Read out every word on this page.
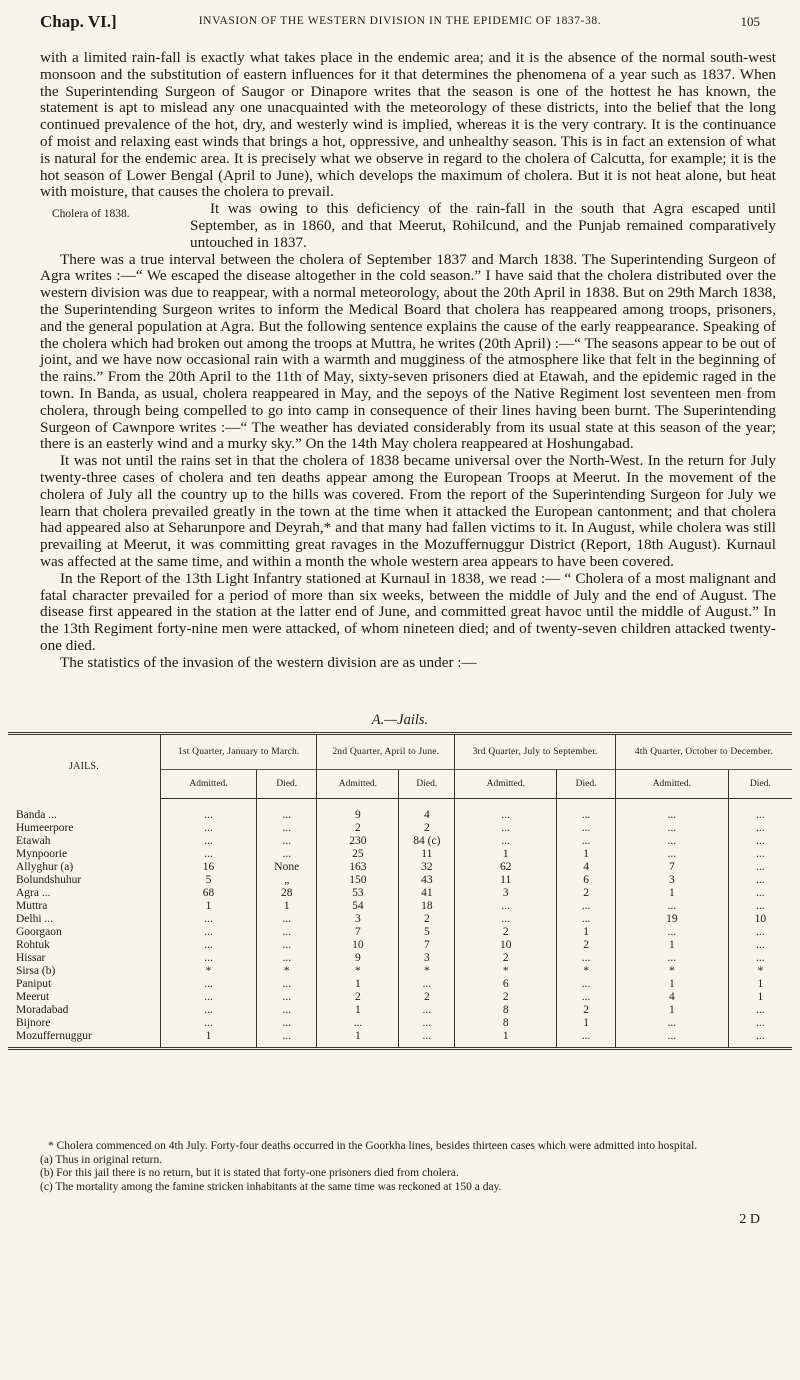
Chap. VI.]	INVASION OF THE WESTERN DIVISION IN THE EPIDEMIC OF 1837-38.	105

with a limited rain-fall is exactly what takes place in the endemic area; and it is the absence of the normal south-west monsoon and the substitution of eastern influences for it that determines the phenomena of a year such as 1837. When the Superintending Surgeon of Saugor or Dinapore writes that the season is one of the hottest he has known, the statement is apt to mislead any one unacquainted with the meteorology of these districts, into the belief that the long continued prevalence of the hot, dry, and westerly wind is implied, whereas it is the very contrary. It is the continuance of moist and relaxing east winds that brings a hot, oppressive, and unhealthy season. This is in fact an extension of what is natural for the endemic area. It is precisely what we observe in regard to the cholera of Calcutta, for example; it is the hot season of Lower Bengal (April to June), which develops the maximum of cholera. But it is not heat alone, but heat with moisture, that causes the cholera to prevail.

Cholera of 1838.	It was owing to this deficiency of the rain-fall in the south that Agra escaped until September, as in 1860, and that Meerut, Rohilcund, and the Punjab remained comparatively untouched in 1837.

There was a true interval between the cholera of September 1837 and March 1838. The Superintending Surgeon of Agra writes :—“ We escaped the disease altogether in the cold season.” I have said that the cholera distributed over the western division was due to reappear, with a normal meteorology, about the 20th April in 1838. But on 29th March 1838, the Superintending Surgeon writes to inform the Medical Board that cholera has reappeared among troops, prisoners, and the general population at Agra. But the following sentence explains the cause of the early reappearance. Speaking of the cholera which had broken out among the troops at Muttra, he writes (20th April) :—“ The seasons appear to be out of joint, and we have now occasional rain with a warmth and mugginess of the atmosphere like that felt in the beginning of the rains.” From the 20th April to the 11th of May, sixty-seven prisoners died at Etawah, and the epidemic raged in the town. In Banda, as usual, cholera reappeared in May, and the sepoys of the Native Regiment lost seventeen men from cholera, through being compelled to go into camp in consequence of their lines having been burnt. The Superintending Surgeon of Cawnpore writes :—“ The weather has deviated considerably from its usual state at this season of the year; there is an easterly wind and a murky sky.” On the 14th May cholera reappeared at Hoshungabad.

It was not until the rains set in that the cholera of 1838 became universal over the North-West. In the return for July twenty-three cases of cholera and ten deaths appear among the European Troops at Meerut. In the movement of the cholera of July all the country up to the hills was covered. From the report of the Superintending Surgeon for July we learn that cholera prevailed greatly in the town at the time when it attacked the European cantonment; and that cholera had appeared also at Seharunpore and Deyrah,* and that many had fallen victims to it. In August, while cholera was still prevailing at Meerut, it was committing great ravages in the Mozuffernuggur District (Report, 18th August). Kurnaul was affected at the same time, and within a month the whole western area appears to have been covered.

In the Report of the 13th Light Infantry stationed at Kurnaul in 1838, we read :— “ Cholera of a most malignant and fatal character prevailed for a period of more than six weeks, between the middle of July and the end of August. The disease first appeared in the station at the latter end of June, and committed great havoc until the middle of August.” In the 13th Regiment forty-nine men were attacked, of whom nineteen died; and of twenty-seven children attacked twenty-one died.

The statistics of the invasion of the western division are as under :—

A.—Jails.
JAILS.	1st Quarter, January to March.		2nd Quarter, April to June.		3rd Quarter, July to September.		4th Quarter, October to December.	
	Admitted.	Died.	Admitted.	Died.	Admitted.	Died.	Admitted.	Died.
Banda ...	...	...	9	4	...	...	...	...
Humeerpore	...	...	2	2	...	...	...	...
Etawah	...	...	230	84 (c)	...	...	...	...
Mynpoorie	...	...	25	11	1	1	...	...
Allyghur (a)	16	None	163	32	62	4	7	...
Bolundshuhur	5	„	150	43	11	6	3	...
Agra ...	68	28	53	41	3	2	1	...
Muttra	1	1	54	18	...	...	...	...
Delhi ...	...	...	3	2	...	...	19	10
Goorgaon	...	...	7	5	2	1	...	...
Rohtuk	...	...	10	7	10	2	1	...
Hissar	...	...	9	3	2	...	...	...
Sirsa (b)	*	*	*	*	*	*	*	*
Paniput	...	...	1	...	6	...	1	1
Meerut	...	...	2	2	2	...	4	1
Moradabad	...	...	1	...	8	2	1	...
Bijnore	...	...	...	...	8	1	...	...
Mozuffernuggur	1	...	1	...	1	...	...	...

* Cholera commenced on 4th July. Forty-four deaths occurred in the Goorkha lines, besides thirteen cases which were admitted into hospital.

(a) Thus in original return.

(b) For this jail there is no return, but it is stated that forty-one prisoners died from cholera.

(c) The mortality among the famine stricken inhabitants at the same time was reckoned at 150 a day.

2 D
